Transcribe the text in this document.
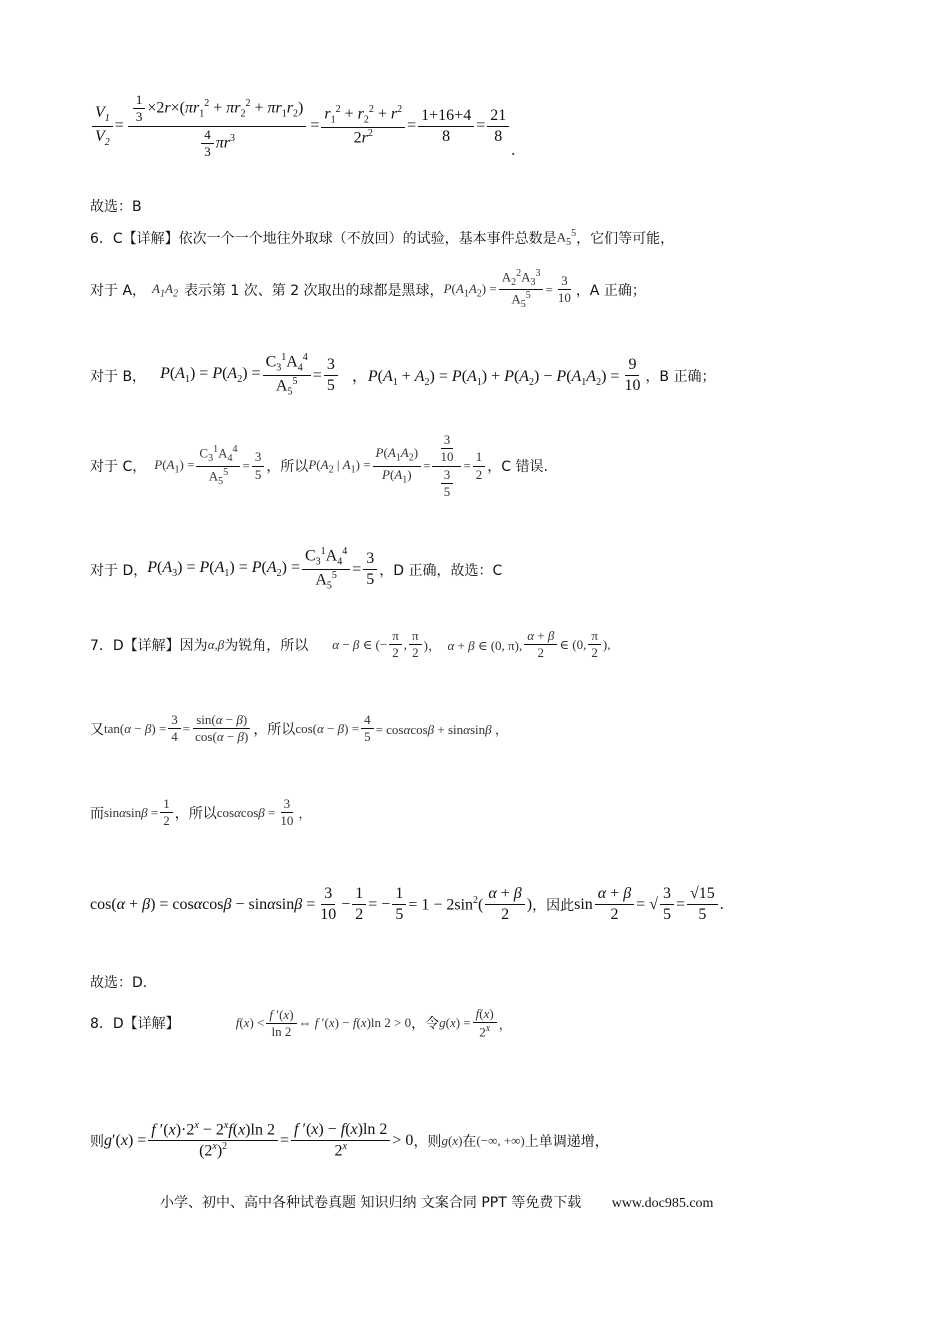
$\frac{V_1}{V_2} = \frac{\frac{1}{3} \times 2r\times(\pi r_1^2 + \pi r_2^2 + \pi r_1r_2)}{\frac{4}{3} \pi r^3} = \frac{r_1^2 + r_2^2 + r^2}{2r^2} = \frac{1+16+4}{8} = \frac{21}{8}$
.
故选：B
6．C【详解】依次一个一个地往外取球（不放回）的试验，基本事件总数是 $A_5^5$ ，它们等可能，
对于 A， $A_1A_2$ 表示第 1 次、第 2 次取出的球都是黑球， $P(A_1A_2) = \frac{A_2^2A_3^3}{A_5^5} = \frac{3}{10}$ ，A 正确；
对于 B， $P(A_1) = P(A_2) = \frac{C_3^1A_4^4}{A_5^5} = \frac{3}{5}$ ，$P(A_1 + A_2) = P(A_1) + P(A_2) - P(A_1A_2) = \frac{9}{10}$ ，B 正确；
对于 C， $P(A_1) = \frac{C_3^1A_4^4}{A_5^5} = \frac{3}{5}$ ，所以 $P(A_2$ | $A_1) = \frac{P(A_1A_2)}{P(A_1)} = \frac{\frac{3}{10}}{\frac{3}{5}} = \frac{1}{2}$ ，C 错误.
对于 D， $P(A_3) = P(A_1) = P(A_2) = \frac{C_3^1A_4^4}{A_5^5} = \frac{3}{5}$ ，D 正确，故选：C
7．D【详解】因为 α,β 为锐角，所以 α − β ∈ (− $\frac{\pi}{2}$ , $\frac{\pi}{2}$ )，  α + β ∈ (0, π), $\frac{\alpha + \beta}{2}$ ∈ (0, $\frac{\pi}{2}$ ),
又 $\tan(\alpha - \beta) = \frac{3}{4} = \frac{\sin(\alpha - \beta)}{\cos(\alpha - \beta)}$ ，所以 $\cos(\alpha - \beta) = \frac{4}{5} = \cos\alpha\cos\beta + \sin\alpha\sin\beta$ ，
而 $\sin\alpha\sin\beta = \frac{1}{2}$ ，所以 $\cos\alpha\cos\beta = \frac{3}{10}$ ，
$\cos(\alpha + \beta) = \cos\alpha\cos\beta - \sin\alpha\sin\beta = \frac{3}{10} - \frac{1}{2}$ = − $\frac{1}{5} = 1 - 2\sin^2( \frac{\alpha + \beta}{2}$ ) ，因此 $\sin \frac{\alpha + \beta}{2}$ = √ $\frac{3}{5} = \frac{√15}{5}$ .
故选：D.
8．D【详解】	$f(x) < \frac{f '(x)}{\ln 2}$ ⇔ f ′(x) − f(x)ln 2 > 0 ，令 $g(x) = \frac{f(x)}{2^x}$ ，
则 $g'(x) = \frac{f '(x)\cdot 2^x - 2^xf(x)\ln 2}{(2^x)^2} = \frac{f '(x) - f(x)\ln 2}{2^x} > 0$ ，则 g(x) 在 (−∞, +∞) 上单调递增，
小学、初中、高中各种试卷真题 知识归纳 文案合同 PPT 等免费下载 www.doc985.com
